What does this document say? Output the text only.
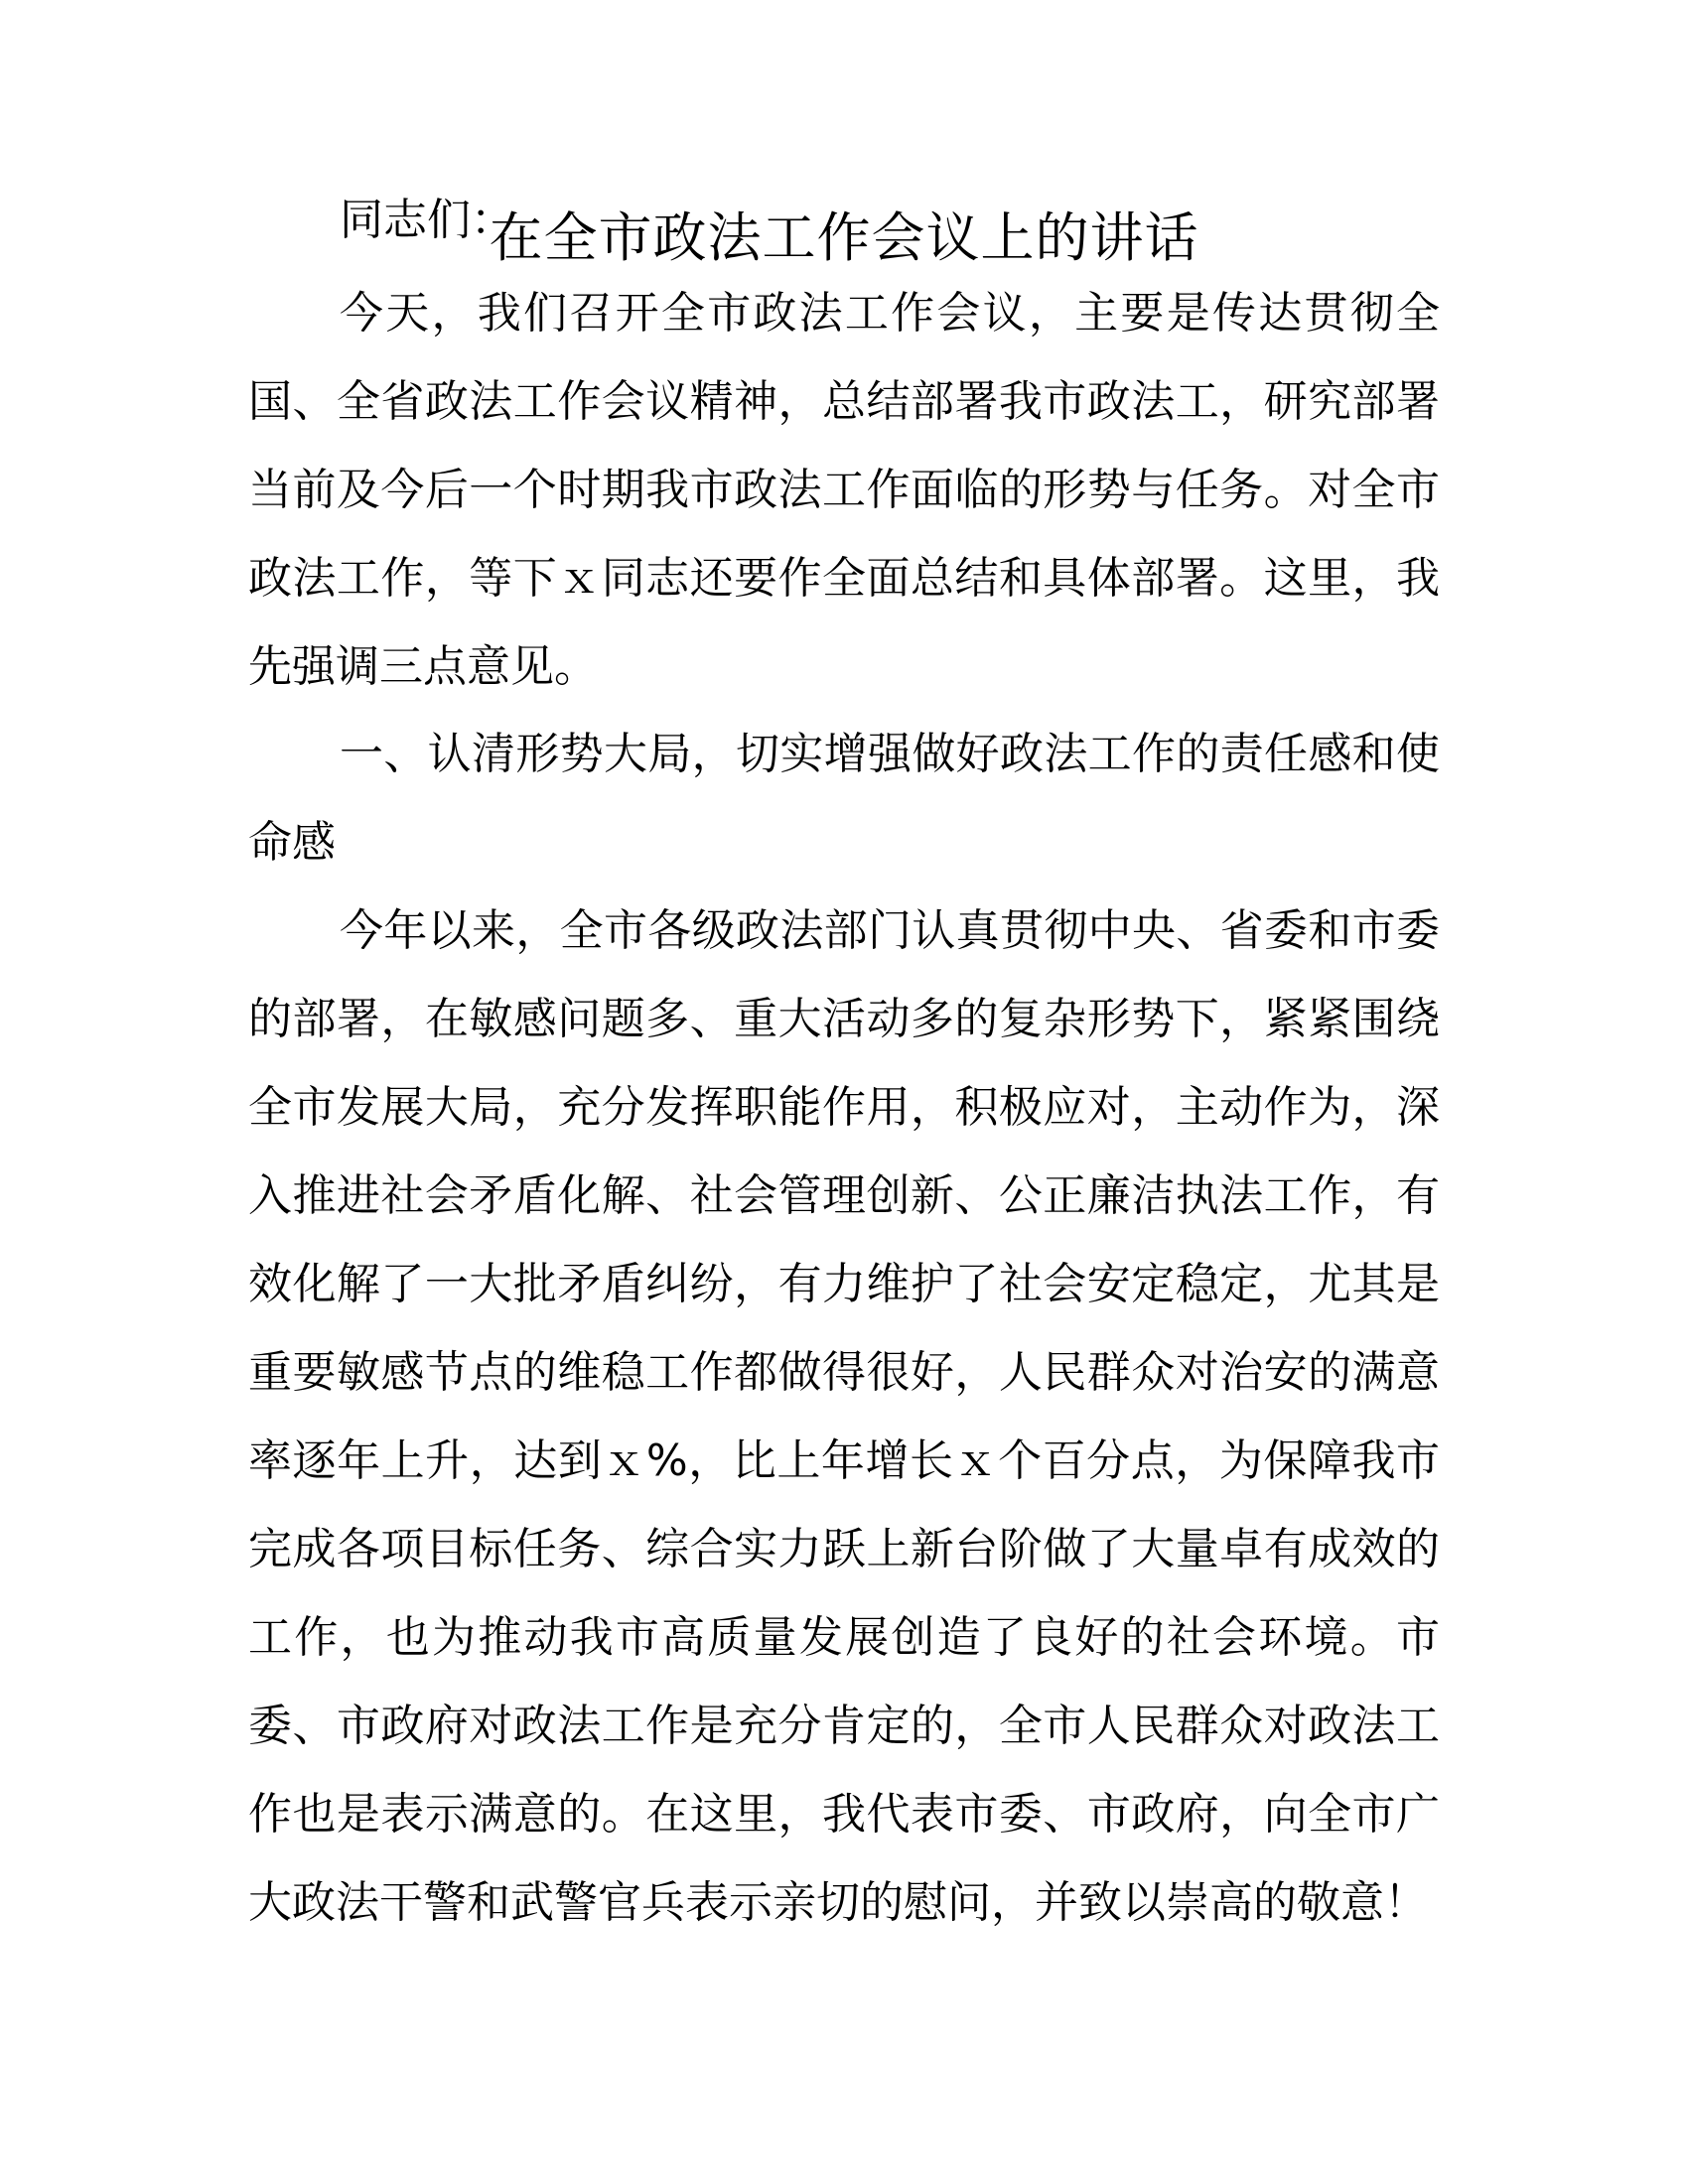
在全市政法工作会议上的讲话
同志们：
今天，我们召开全市政法工作会议，主要是传达贯彻全
国、全省政法工作会议精神，总结部署我市政法工，研究部署
当前及今后一个时期我市政法工作面临的形势与任务。对全市
政法工作，等下ｘ同志还要作全面总结和具体部署。这里，我
先强调三点意见。
一、认清形势大局，切实增强做好政法工作的责任感和使
命感
今年以来，全市各级政法部门认真贯彻中央、省委和市委
的部署，在敏感问题多、重大活动多的复杂形势下，紧紧围绕
全市发展大局，充分发挥职能作用，积极应对，主动作为，深
入推进社会矛盾化解、社会管理创新、公正廉洁执法工作，有
效化解了一大批矛盾纠纷，有力维护了社会安定稳定，尤其是
重要敏感节点的维稳工作都做得很好，人民群众对治安的满意
率逐年上升，达到ｘ%，比上年增长ｘ个百分点，为保障我市
完成各项目标任务、综合实力跃上新台阶做了大量卓有成效的
工作，也为推动我市高质量发展创造了良好的社会环境。市
委、市政府对政法工作是充分肯定的，全市人民群众对政法工
作也是表示满意的。在这里，我代表市委、市政府，向全市广
大政法干警和武警官兵表示亲切的慰问，并致以崇高的敬意！
